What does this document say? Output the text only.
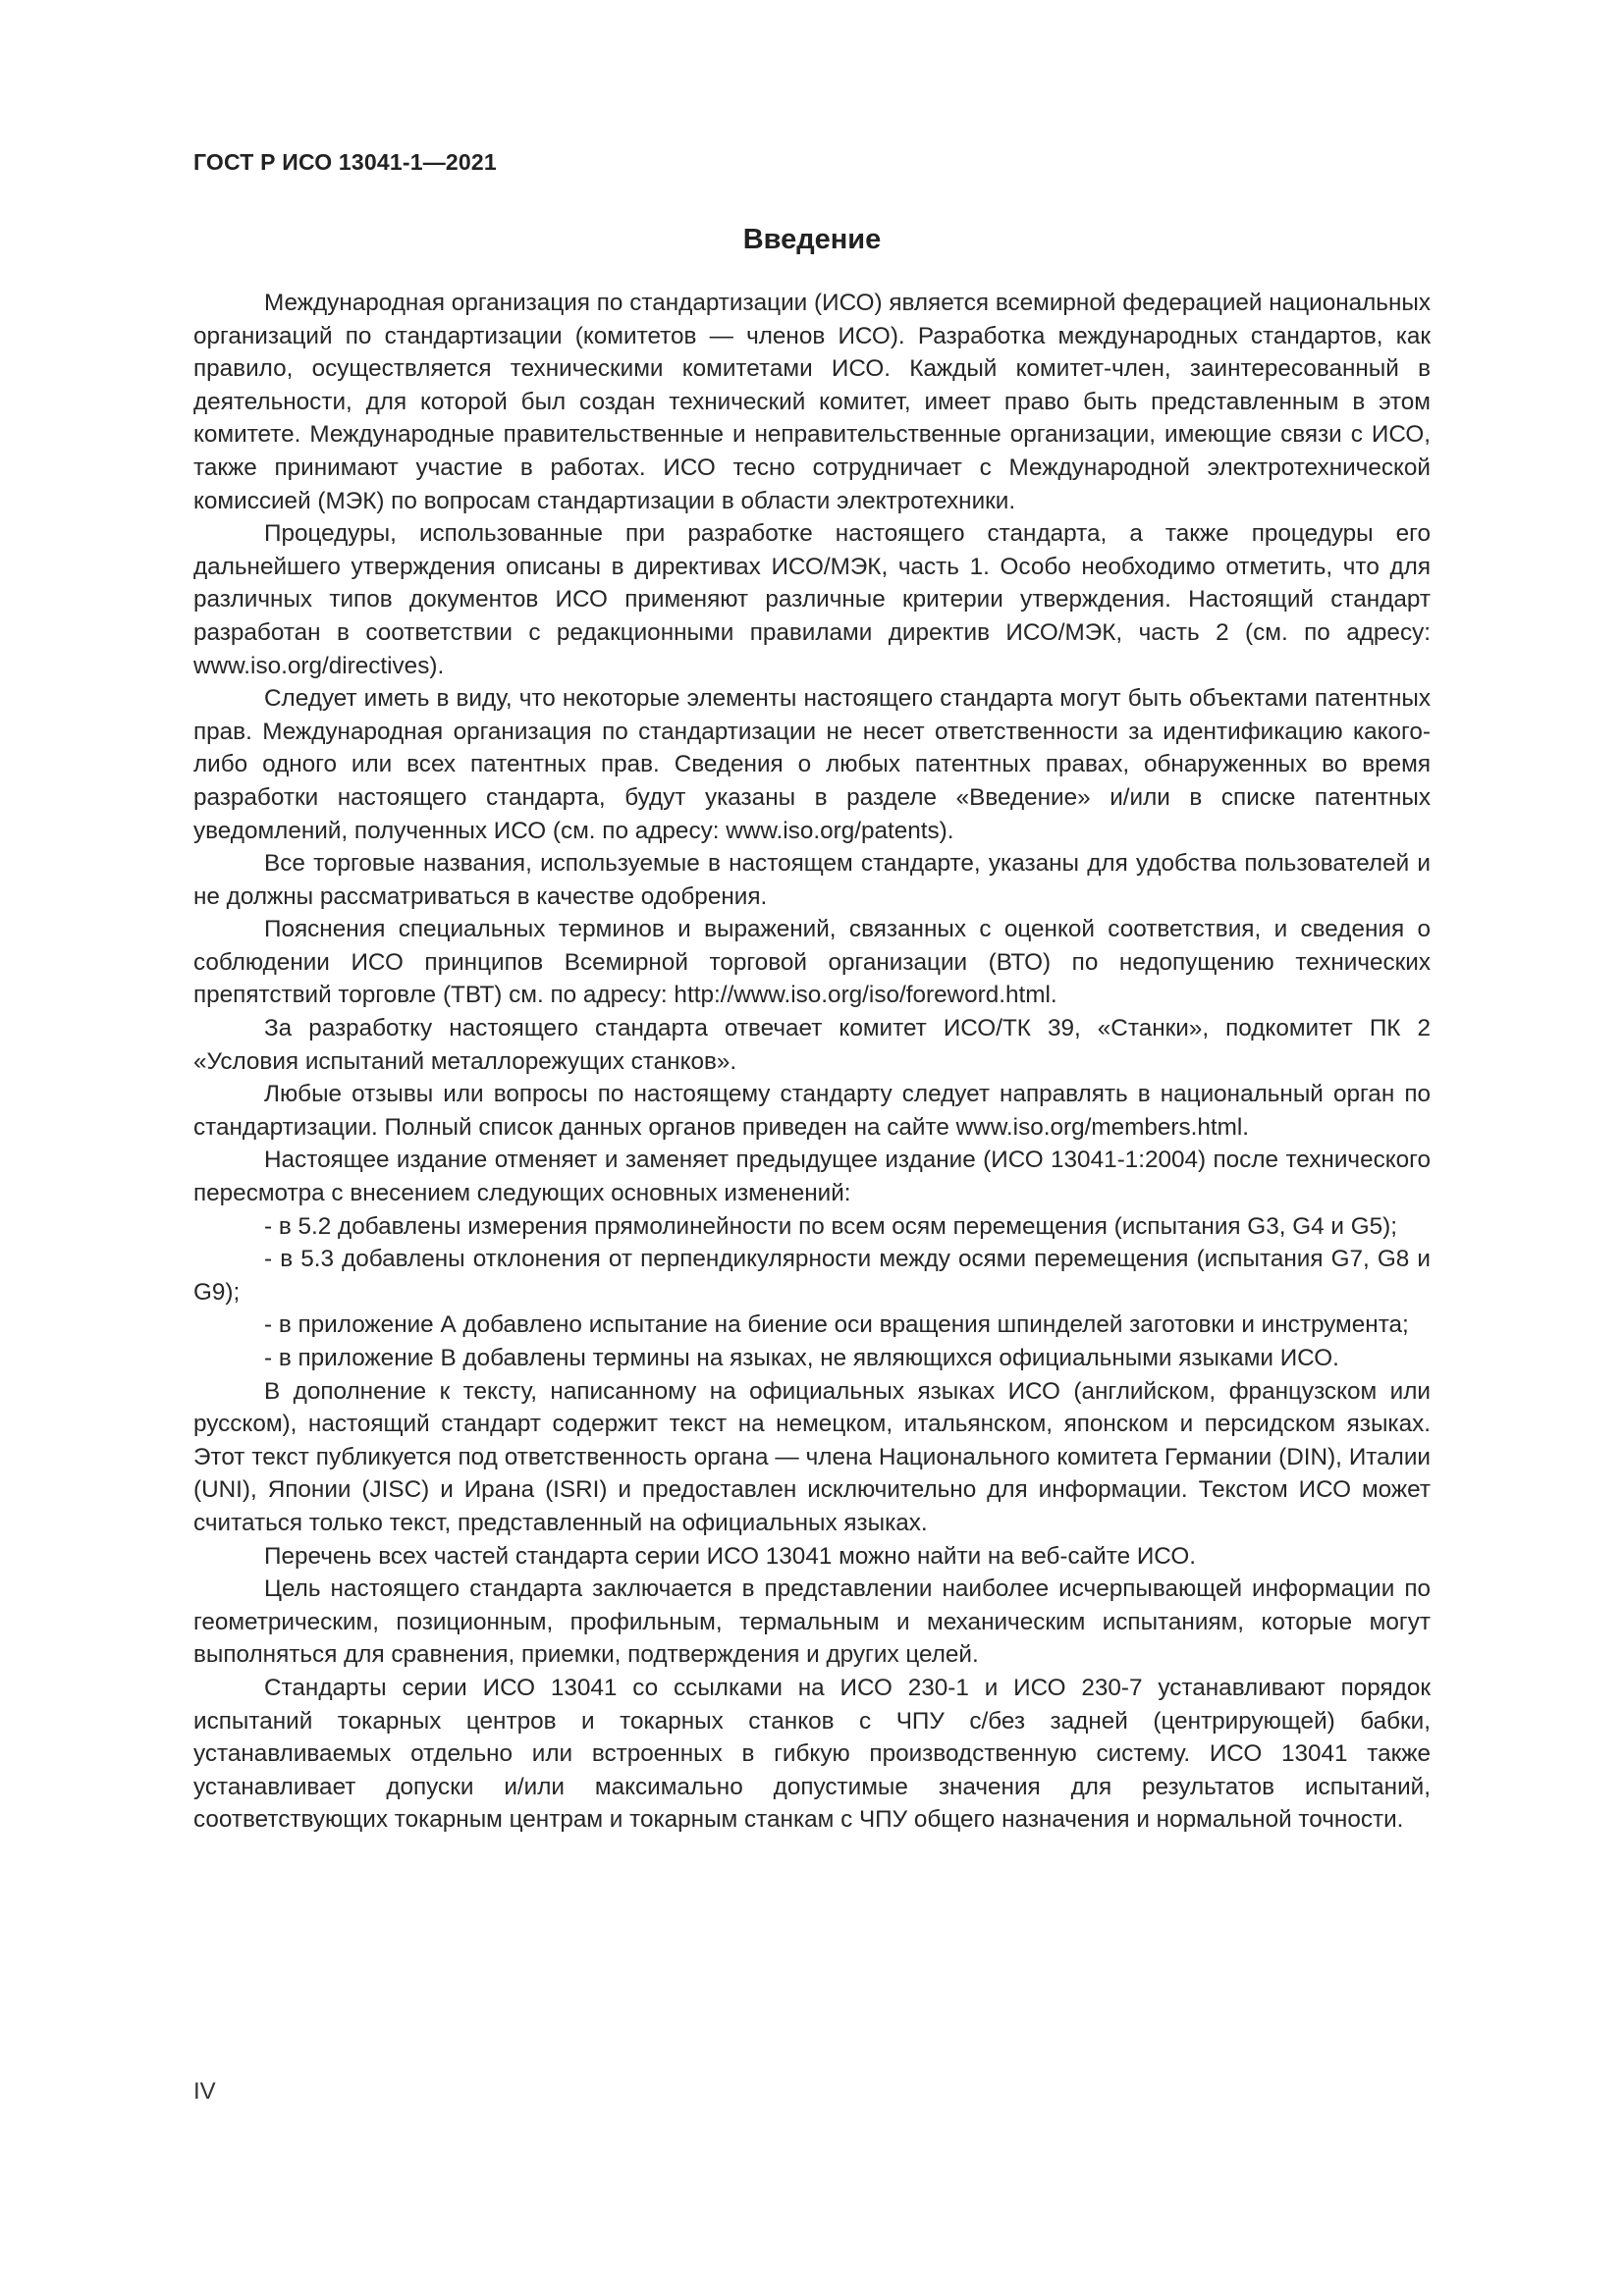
ГОСТ Р ИСО 13041-1—2021
Введение

Международная организация по стандартизации (ИСО) является всемирной федерацией национальных организаций по стандартизации (комитетов — членов ИСО). Разработка международных стандартов, как правило, осуществляется техническими комитетами ИСО. Каждый комитет-член, заинтересованный в деятельности, для которой был создан технический комитет, имеет право быть представленным в этом комитете. Международные правительственные и неправительственные организации, имеющие связи с ИСО, также принимают участие в работах. ИСО тесно сотрудничает с Международной электротехнической комиссией (МЭК) по вопросам стандартизации в области электротехники.

Процедуры, использованные при разработке настоящего стандарта, а также процедуры его дальнейшего утверждения описаны в директивах ИСО/МЭК, часть 1. Особо необходимо отметить, что для различных типов документов ИСО применяют различные критерии утверждения. Настоящий стандарт разработан в соответствии с редакционными правилами директив ИСО/МЭК, часть 2 (см. по адресу: www.iso.org/directives).

Следует иметь в виду, что некоторые элементы настоящего стандарта могут быть объектами патентных прав. Международная организация по стандартизации не несет ответственности за идентификацию какого-либо одного или всех патентных прав. Сведения о любых патентных правах, обнаруженных во время разработки настоящего стандарта, будут указаны в разделе «Введение» и/или в списке патентных уведомлений, полученных ИСО (см. по адресу: www.iso.org/patents).

Все торговые названия, используемые в настоящем стандарте, указаны для удобства пользователей и не должны рассматриваться в качестве одобрения.

Пояснения специальных терминов и выражений, связанных с оценкой соответствия, и сведения о соблюдении ИСО принципов Всемирной торговой организации (ВТО) по недопущению технических препятствий торговле (ТВТ) см. по адресу: http://www.iso.org/iso/foreword.html.

За разработку настоящего стандарта отвечает комитет ИСО/ТК 39, «Станки», подкомитет ПК 2 «Условия испытаний металлорежущих станков».

Любые отзывы или вопросы по настоящему стандарту следует направлять в национальный орган по стандартизации. Полный список данных органов приведен на сайте www.iso.org/members.html.

Настоящее издание отменяет и заменяет предыдущее издание (ИСО 13041-1:2004) после технического пересмотра с внесением следующих основных изменений:

- в 5.2 добавлены измерения прямолинейности по всем осям перемещения (испытания G3, G4 и G5);

- в 5.3 добавлены отклонения от перпендикулярности между осями перемещения (испытания G7, G8 и G9);

- в приложение А добавлено испытание на биение оси вращения шпинделей заготовки и инструмента;

- в приложение В добавлены термины на языках, не являющихся официальными языками ИСО.

В дополнение к тексту, написанному на официальных языках ИСО (английском, французском или русском), настоящий стандарт содержит текст на немецком, итальянском, японском и персидском языках. Этот текст публикуется под ответственность органа — члена Национального комитета Германии (DIN), Италии (UNI), Японии (JISC) и Ирана (ISRI) и предоставлен исключительно для информации. Текстом ИСО может считаться только текст, представленный на официальных языках.

Перечень всех частей стандарта серии ИСО 13041 можно найти на веб-сайте ИСО.

Цель настоящего стандарта заключается в представлении наиболее исчерпывающей информации по геометрическим, позиционным, профильным, термальным и механическим испытаниям, которые могут выполняться для сравнения, приемки, подтверждения и других целей.

Стандарты серии ИСО 13041 со ссылками на ИСО 230-1 и ИСО 230-7 устанавливают порядок испытаний токарных центров и токарных станков с ЧПУ с/без задней (центрирующей) бабки, устанавливаемых отдельно или встроенных в гибкую производственную систему. ИСО 13041 также устанавливает допуски и/или максимально допустимые значения для результатов испытаний, соответствующих токарным центрам и токарным станкам с ЧПУ общего назначения и нормальной точности.

IV
